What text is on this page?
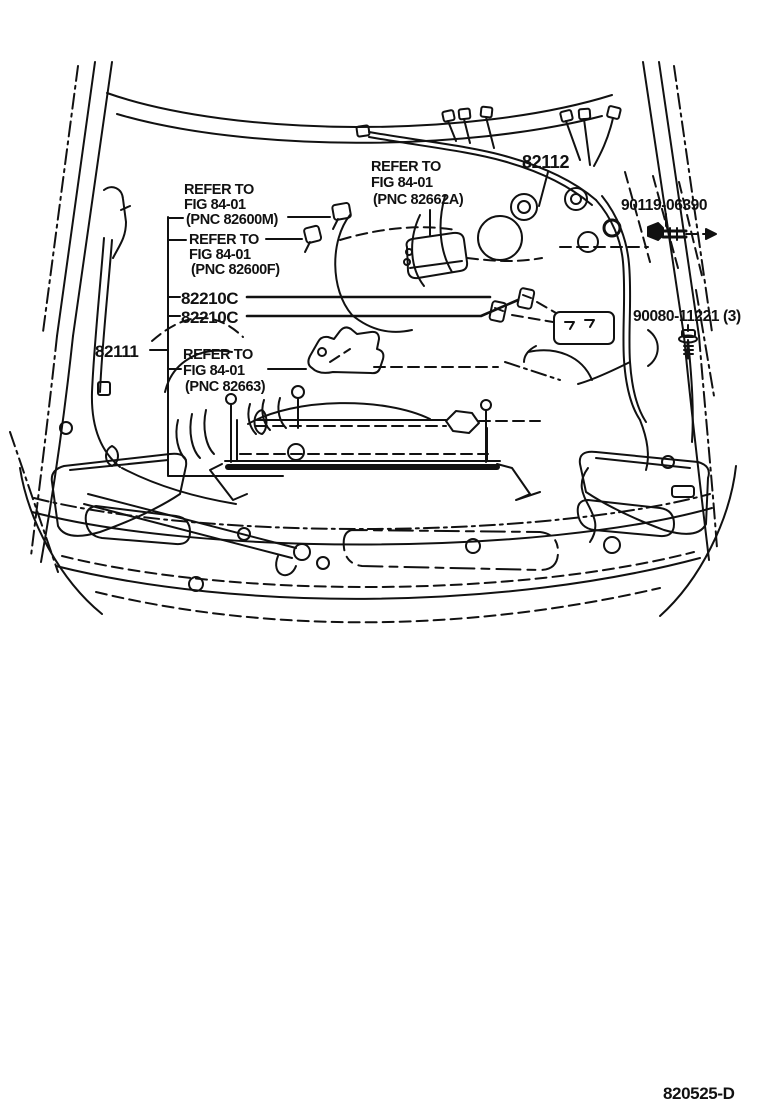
REFER TO
FIG 84-01
(PNC 82600M)
REFER TO
FIG 84-01
(PNC 82600F)
REFER TO
FIG 84-01
(PNC 82662A)
REFER TO
FIG 84-01
(PNC 82663)
82112
90119-06390
82210C
82210C
82111
90080-11221 (3)
820525-D
